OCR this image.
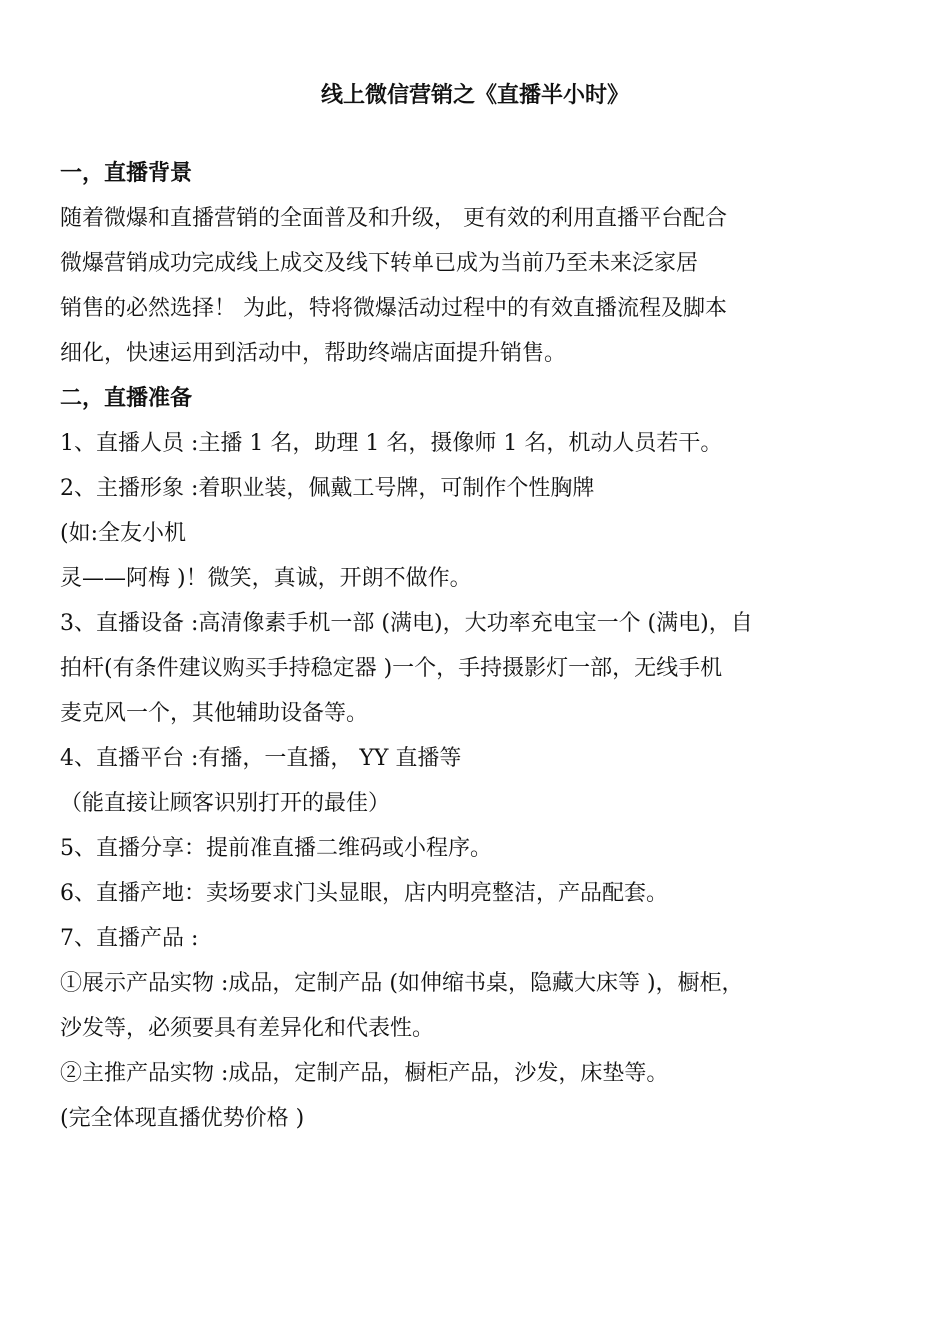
线上微信营销之《直播半小时》
一，直播背景
随着微爆和直播营销的全面普及和升级， 更有效的利用直播平台配合
微爆营销成功完成线上成交及线下转单已成为当前乃至未来泛家居
销售的必然选择！ 为此，特将微爆活动过程中的有效直播流程及脚本
细化，快速运用到活动中，帮助终端店面提升销售。
二，直播准备
1、直播人员 :主播 1 名，助理 1 名，摄像师 1 名，机动人员若干。
2、主播形象 :着职业装，佩戴工号牌，可制作个性胸牌
(如:全友小机
灵——阿梅 )！微笑，真诚，开朗不做作。
3、直播设备 :高清像素手机一部 (满电)，大功率充电宝一个 (满电)，自
拍杆(有条件建议购买手持稳定器 )一个，手持摄影灯一部，无线手机
麦克风一个，其他辅助设备等。
4、直播平台 :有播，一直播， YY 直播等
（能直接让顾客识别打开的最佳）
5、直播分享：提前准直播二维码或小程序。
6、直播产地：卖场要求门头显眼，店内明亮整洁，产品配套。
7、直播产品 :
①展示产品实物 :成品，定制产品 (如伸缩书桌，隐藏大床等 )，橱柜，
沙发等，必须要具有差异化和代表性。
②主推产品实物 :成品，定制产品，橱柜产品，沙发，床垫等。
(完全体现直播优势价格 )
